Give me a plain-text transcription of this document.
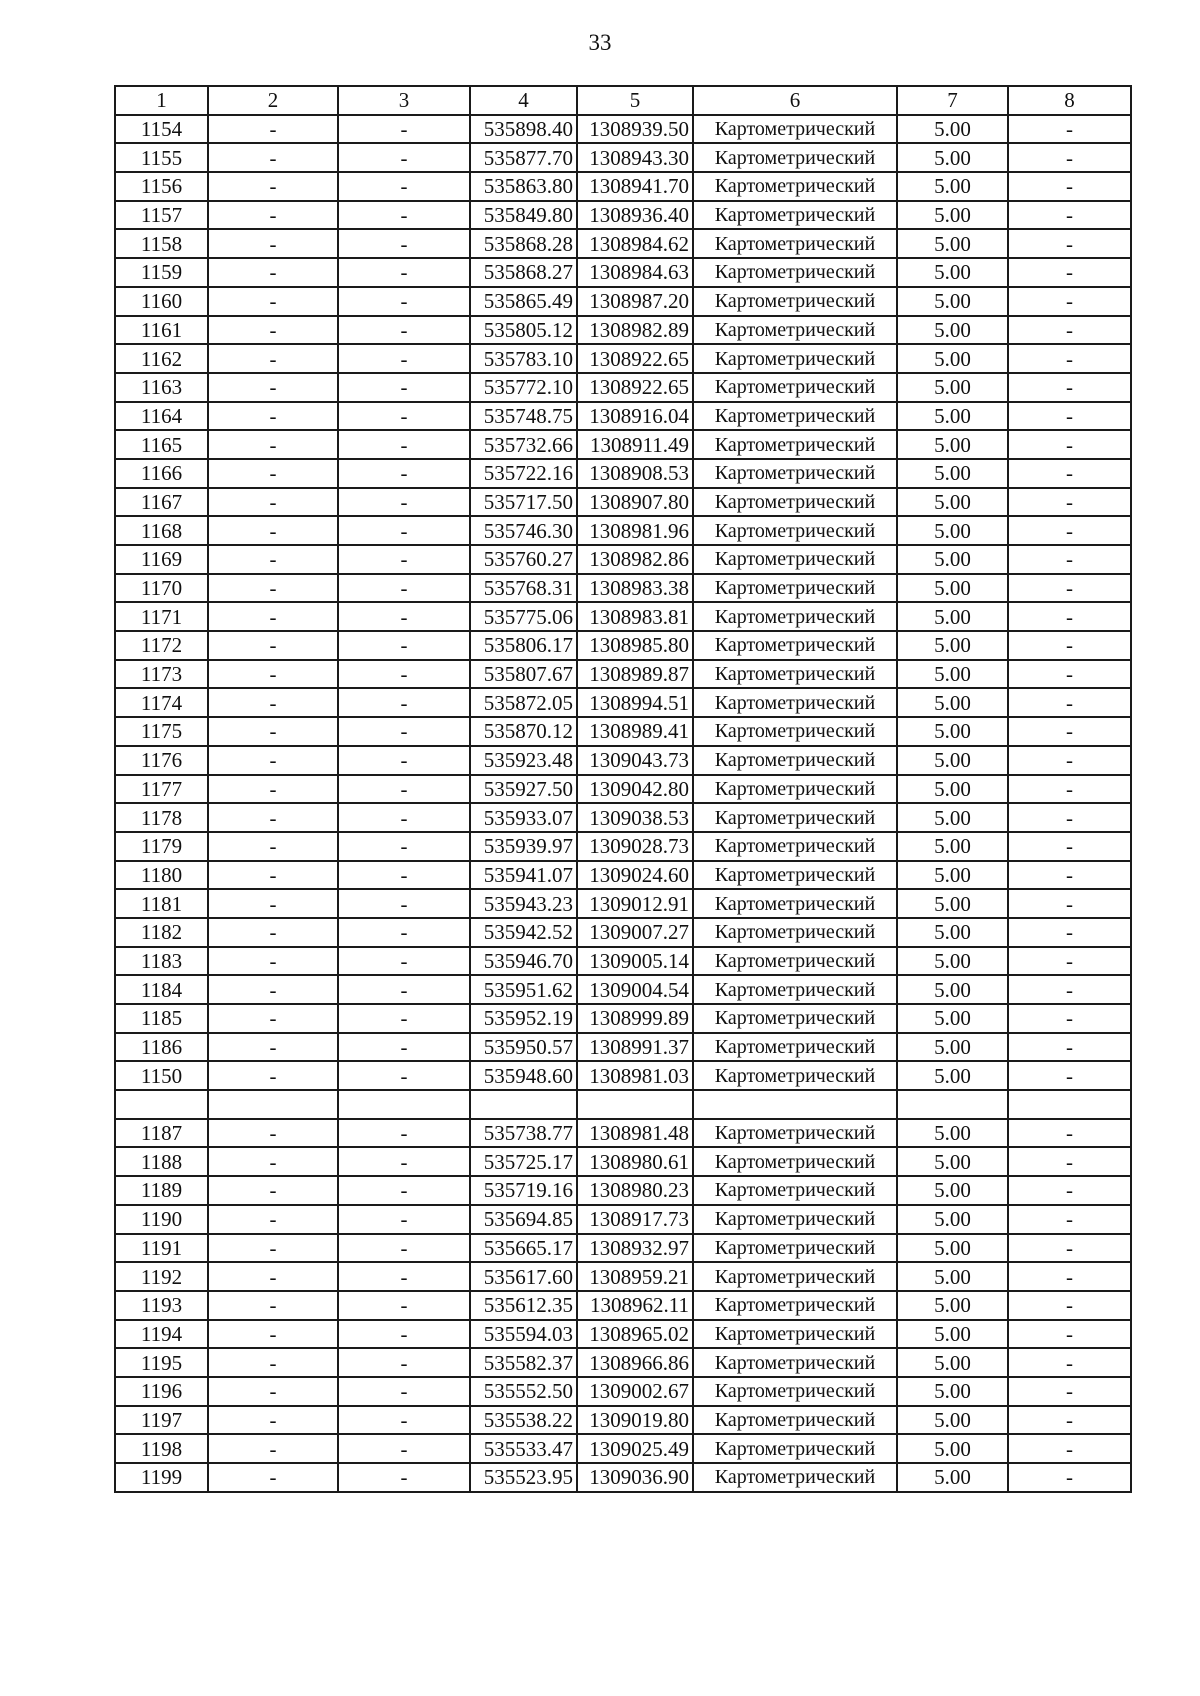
33
1	2	3	4	5	6	7	8
1154	-	-	535898.40	1308939.50	Картометрический	5.00	-
1155	-	-	535877.70	1308943.30	Картометрический	5.00	-
1156	-	-	535863.80	1308941.70	Картометрический	5.00	-
1157	-	-	535849.80	1308936.40	Картометрический	5.00	-
1158	-	-	535868.28	1308984.62	Картометрический	5.00	-
1159	-	-	535868.27	1308984.63	Картометрический	5.00	-
1160	-	-	535865.49	1308987.20	Картометрический	5.00	-
1161	-	-	535805.12	1308982.89	Картометрический	5.00	-
1162	-	-	535783.10	1308922.65	Картометрический	5.00	-
1163	-	-	535772.10	1308922.65	Картометрический	5.00	-
1164	-	-	535748.75	1308916.04	Картометрический	5.00	-
1165	-	-	535732.66	1308911.49	Картометрический	5.00	-
1166	-	-	535722.16	1308908.53	Картометрический	5.00	-
1167	-	-	535717.50	1308907.80	Картометрический	5.00	-
1168	-	-	535746.30	1308981.96	Картометрический	5.00	-
1169	-	-	535760.27	1308982.86	Картометрический	5.00	-
1170	-	-	535768.31	1308983.38	Картометрический	5.00	-
1171	-	-	535775.06	1308983.81	Картометрический	5.00	-
1172	-	-	535806.17	1308985.80	Картометрический	5.00	-
1173	-	-	535807.67	1308989.87	Картометрический	5.00	-
1174	-	-	535872.05	1308994.51	Картометрический	5.00	-
1175	-	-	535870.12	1308989.41	Картометрический	5.00	-
1176	-	-	535923.48	1309043.73	Картометрический	5.00	-
1177	-	-	535927.50	1309042.80	Картометрический	5.00	-
1178	-	-	535933.07	1309038.53	Картометрический	5.00	-
1179	-	-	535939.97	1309028.73	Картометрический	5.00	-
1180	-	-	535941.07	1309024.60	Картометрический	5.00	-
1181	-	-	535943.23	1309012.91	Картометрический	5.00	-
1182	-	-	535942.52	1309007.27	Картометрический	5.00	-
1183	-	-	535946.70	1309005.14	Картометрический	5.00	-
1184	-	-	535951.62	1309004.54	Картометрический	5.00	-
1185	-	-	535952.19	1308999.89	Картометрический	5.00	-
1186	-	-	535950.57	1308991.37	Картометрический	5.00	-
1150	-	-	535948.60	1308981.03	Картометрический	5.00	-

1187	-	-	535738.77	1308981.48	Картометрический	5.00	-
1188	-	-	535725.17	1308980.61	Картометрический	5.00	-
1189	-	-	535719.16	1308980.23	Картометрический	5.00	-
1190	-	-	535694.85	1308917.73	Картометрический	5.00	-
1191	-	-	535665.17	1308932.97	Картометрический	5.00	-
1192	-	-	535617.60	1308959.21	Картометрический	5.00	-
1193	-	-	535612.35	1308962.11	Картометрический	5.00	-
1194	-	-	535594.03	1308965.02	Картометрический	5.00	-
1195	-	-	535582.37	1308966.86	Картометрический	5.00	-
1196	-	-	535552.50	1309002.67	Картометрический	5.00	-
1197	-	-	535538.22	1309019.80	Картометрический	5.00	-
1198	-	-	535533.47	1309025.49	Картометрический	5.00	-
1199	-	-	535523.95	1309036.90	Картометрический	5.00	-
